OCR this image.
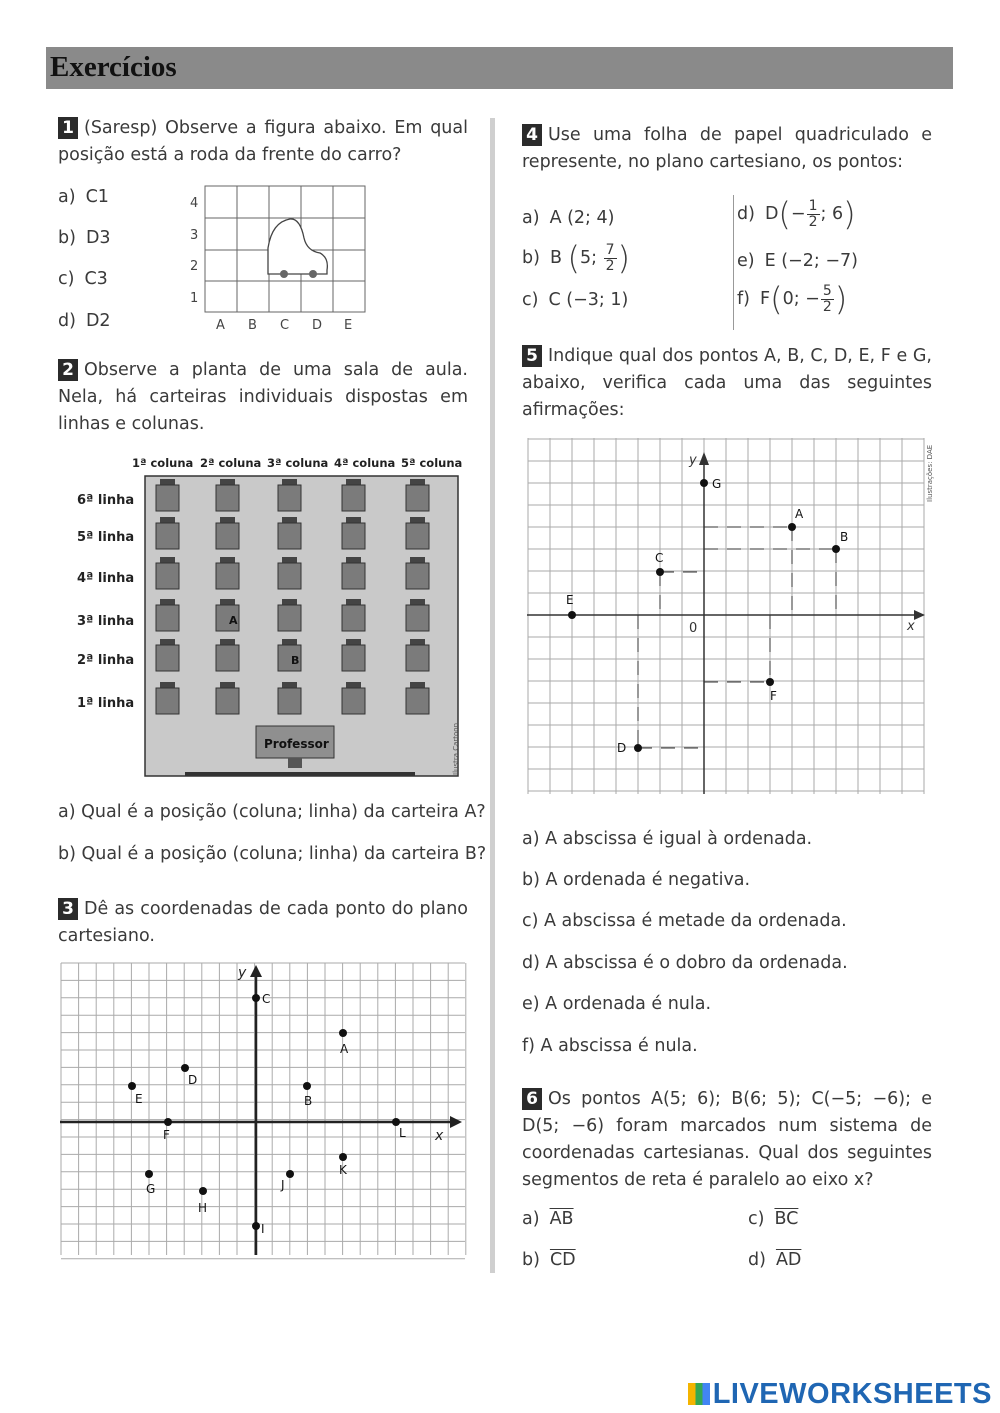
Exercícios
1 (Saresp) Observe a figura abaixo. Em qual posição está a roda da frente do carro?
a) C1
b) D3
c) C3
d) D2
4
3
2
1
A B C D E
2 Observe a planta de uma sala de aula. Nela, há carteiras individuais dispostas em linhas e colunas.
1ª coluna 2ª coluna 3ª coluna 4ª coluna 5ª coluna
6ª linha
5ª linha
4ª linha
3ª linha
2ª linha
1ª linha
A
B
Professor	Ilustra Cartoon
a) Qual é a posição (coluna; linha) da carteira A?
b) Qual é a posição (coluna; linha) da carteira B?
3 Dê as coordenadas de cada ponto do plano cartesiano.
x
y
C
A
D
E	B
F	L
K
J
G
H
I
4 Use uma folha de papel quadriculado e represente, no plano cartesiano, os pontos:
a) A (2; 4)
b) B (5; $\frac{7}{2}$ )
c) C (−3; 1)
d) $D(- \frac{1}{2}$ ; 6)
e) E (−2; −7)
f) F(0; − $\frac{5}{2}$ )
5 Indique qual dos pontos A, B, C, D, E, F e G, abaixo, verifica cada uma das seguintes afirmações:
x
y
0
G
A
B
C
E
F
D
Ilustrações: DAE
a) A abscissa é igual à ordenada.
b) A ordenada é negativa.
c) A abscissa é metade da ordenada.
d) A abscissa é o dobro da ordenada.
e) A ordenada é nula.
f) A abscissa é nula.
6 Os pontos A(5; 6); B(6; 5); C(−5; −6); e D(5; −6) foram marcados num sistema de coordenadas cartesianas. Qual dos seguintes segmentos de reta é paralelo ao eixo x?
a) $\overline{AB}$	c) $\overline{BC}$
b) $\overline{CD}$	d) $\overline{AD}$
LIVEWORKSHEETS
